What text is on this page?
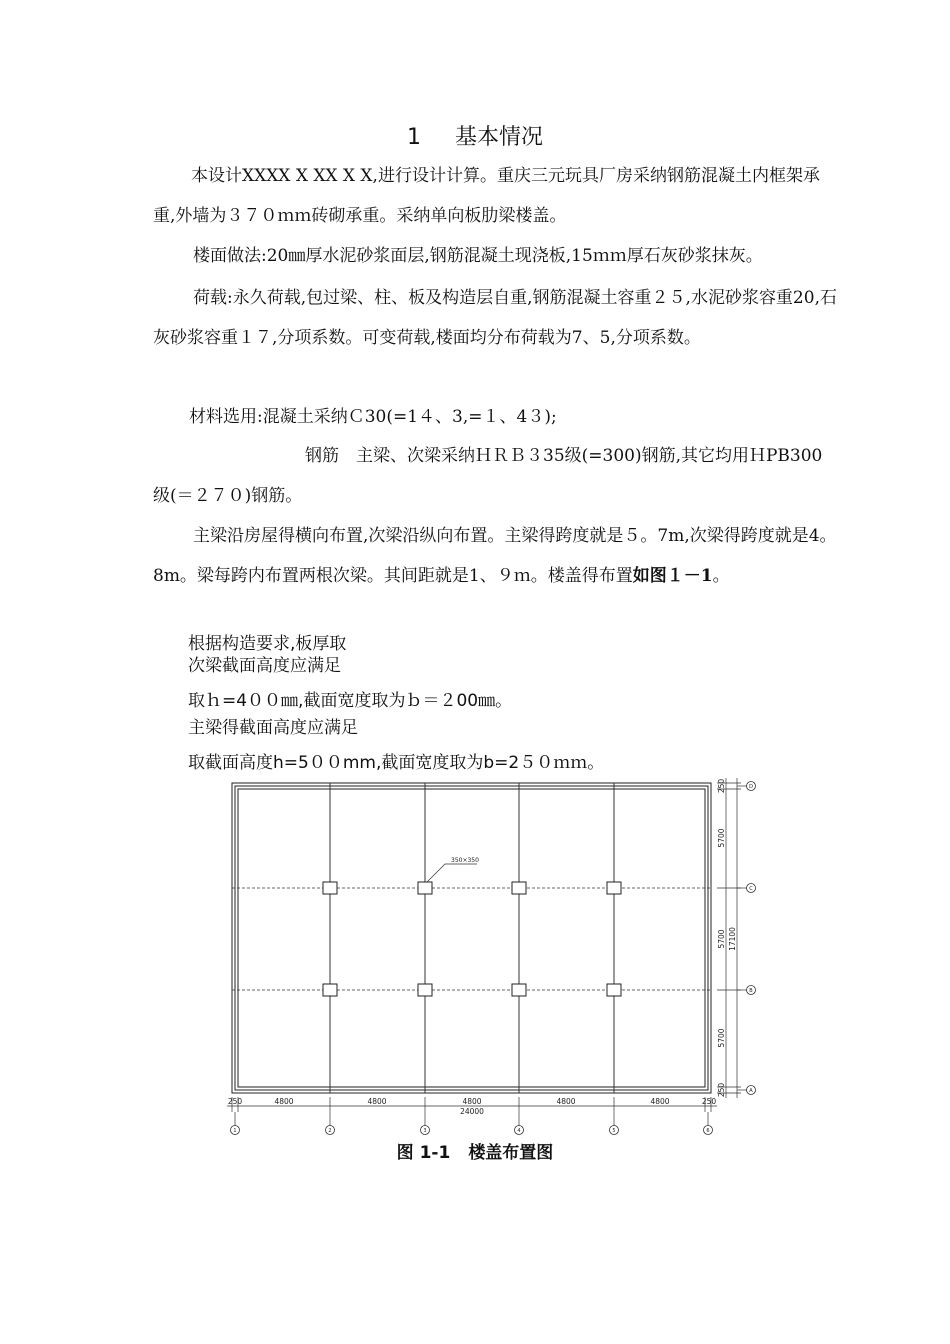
1 基本情况

本设计XXXX X XX X X,进行设计计算。重庆三元玩具厂房采纳钢筋混凝土内框架承重,外墙为３７０ｍｍ砖砌承重。采纳单向板肋梁楼盖。

楼面做法:20㎜厚水泥砂浆面层,钢筋混凝土现浇板,15ｍｍ厚石灰砂浆抹灰。

荷载:永久荷载,包过梁、柱、板及构造层自重,钢筋混凝土容重２５,水泥砂浆容重20,石灰砂浆容重１７,分项系数。可变荷载,楼面均分布荷载为7、5,分项系数。

材料选用:混凝土采纳Ｃ30(=1４、3,=１、4３);

钢筋　主梁、次梁采纳ＨＲＢ３35级(=300)钢筋,其它均用ＨPB300级(＝２７０)钢筋。

主梁沿房屋得横向布置,次梁沿纵向布置。主梁得跨度就是５。7m,次梁得跨度就是4。8m。梁每跨内布置两根次梁。其间距就是1、９ｍ。楼盖得布置如图１－1。

根据构造要求,板厚取

次梁截面高度应满足

取ｈ=4００㎜,截面宽度取为ｂ＝２00㎜。

主梁得截面高度应满足

取截面高度h=5００mm,截面宽度取为b=2５０ｍｍ。

350×350
250	4800	4800	4800	4800	4800	250
24000
1	2	3	4	5	6
250
5700
5700
5700
250
17100
D
C
B
A
图 1-1 楼盖布置图
